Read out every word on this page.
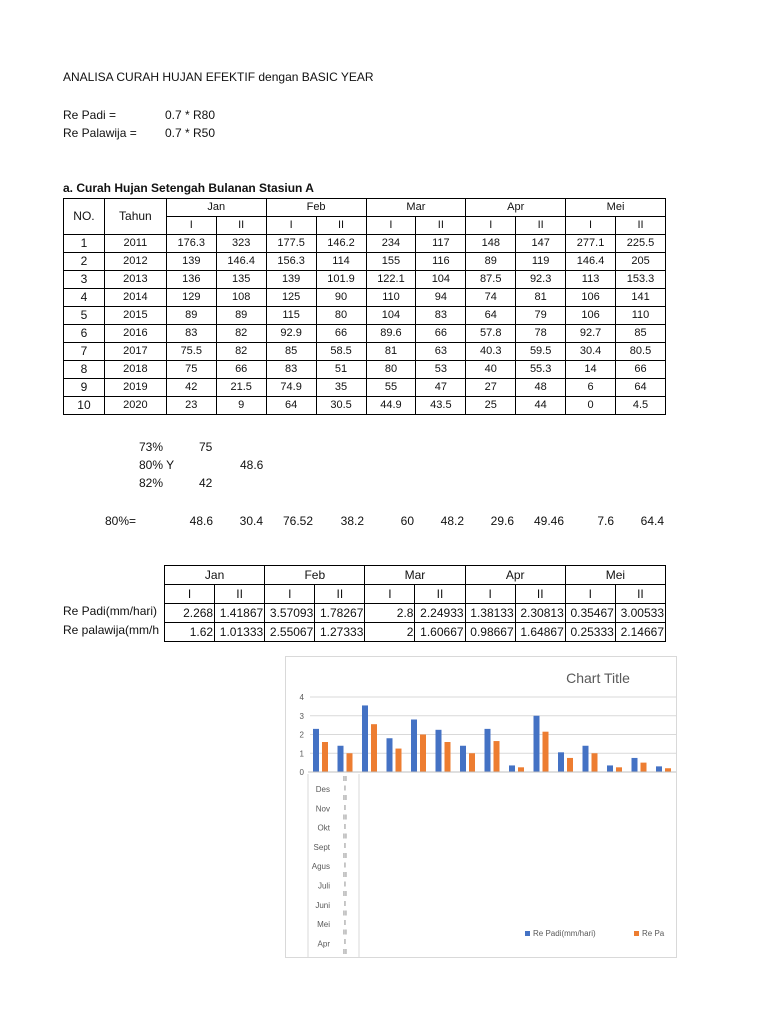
ANALISA CURAH HUJAN EFEKTIF dengan BASIC YEAR
Re Padi =	0.7 * R80
Re Palawija = 0.7 * R50
a. Curah Hujan Setengah Bulanan Stasiun A
NO.	Tahun	Jan		Feb		Mar		Apr		Mei	
		I	II	I	II	I	II	I	II	I	II
1	2011	176.3	323	177.5	146.2	234	117	148	147	277.1	225.5
2	2012	139	146.4	156.3	114	155	116	89	119	146.4	205
3	2013	136	135	139	101.9	122.1	104	87.5	92.3	113	153.3
4	2014	129	108	125	90	110	94	74	81	106	141
5	2015	89	89	115	80	104	83	64	79	106	110
6	2016	83	82	92.9	66	89.6	66	57.8	78	92.7	85
7	2017	75.5	82	85	58.5	81	63	40.3	59.5	30.4	80.5
8	2018	75	66	83	51	80	53	40	55.3	14	66
9	2019	42	21.5	74.9	35	55	47	27	48	6	64
10	2020	23	9	64	30.5	44.9	43.5	25	44	0	4.5
73%	75
80% Y	48.6
82%	42
80%=	48.6 30.4 76.52 38.2	60 48.2 29.6 49.46	7.6 64.4
Re Padi(mm/hari)
Re palawija(mm/h
Jan		Feb		Mar		Apr		Mei	
I	II	I	II	I	II	I	II	I	II
2.268	1.41867	3.57093	1.78267	2.8	2.24933	1.38133	2.30813	0.35467	3.00533
1.62	1.01333	2.55067	1.27333	2	1.60667	0.98667	1.64867	0.25333	2.14667
Chart Title
0
1
2
3
4
Des
Nov
Okt
Sept
Agus
Juli
Juni
Mei
Apr
II
I
II
I
II
I
II
I
II
I
II
I
II
I
II
I
II
I
II
Re Padi(mm/hari)	Re Pa
